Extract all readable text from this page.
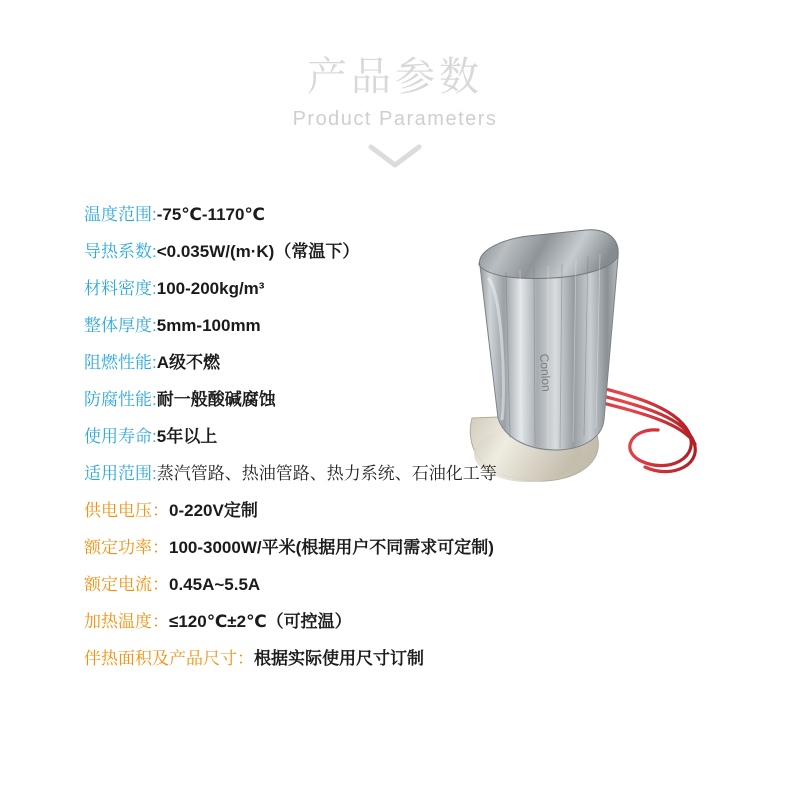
产品参数
Product Parameters
Conlon
温度范围: -75℃-1170℃
导热系数: <0.035W/(m·K)（常温下）
材料密度: 100-200kg/m³
整体厚度: 5mm-100mm
阻燃性能: A级不燃
防腐性能: 耐一般酸碱腐蚀
使用寿命: 5年以上
适用范围: 蒸汽管路、热油管路、热力系统、石油化工等
供电电压： 0-220V定制
额定功率： 100-3000W/平米(根据用户不同需求可定制)
额定电流： 0.45A~5.5A
加热温度： ≤120℃±2℃（可控温）
伴热面积及产品尺寸： 根据实际使用尺寸订制
